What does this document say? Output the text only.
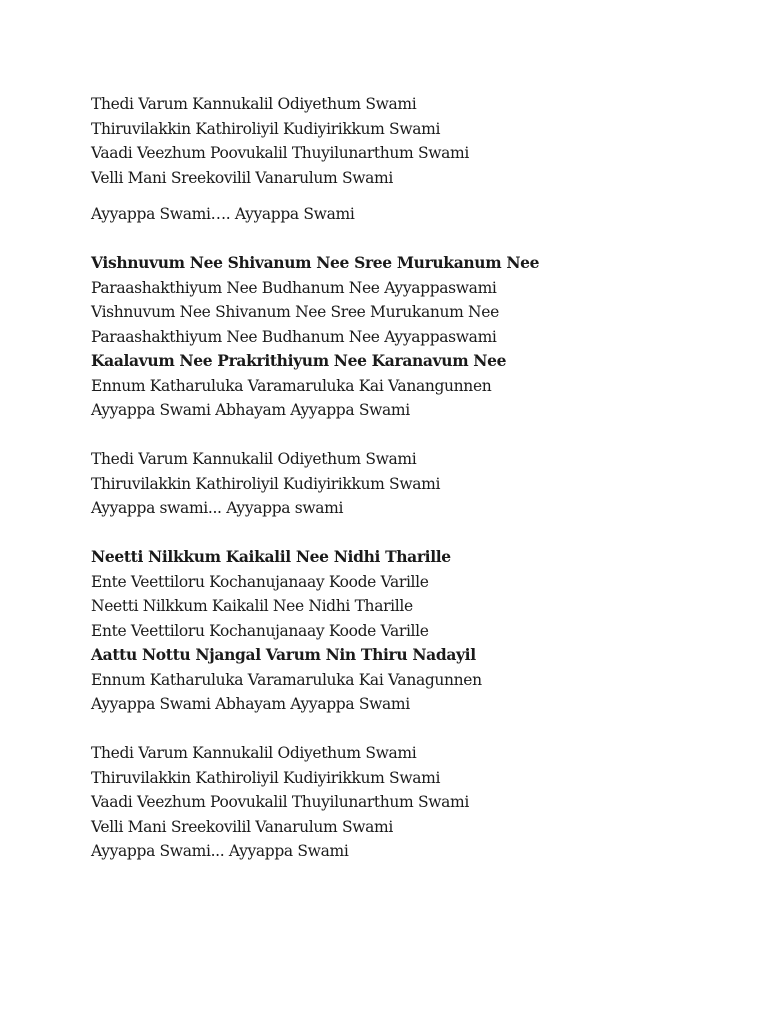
Thedi Varum Kannukalil Odiyethum Swami
Thiruvilakkin Kathiroliyil Kudiyirikkum Swami
Vaadi Veezhum Poovukalil Thuyilunarthum Swami
Velli Mani Sreekovilil Vanarulum Swami
Ayyappa Swami…. Ayyappa Swami
Vishnuvum Nee Shivanum Nee Sree Murukanum Nee
Paraashakthiyum Nee Budhanum Nee Ayyappaswami
Vishnuvum Nee Shivanum Nee Sree Murukanum Nee
Paraashakthiyum Nee Budhanum Nee Ayyappaswami
Kaalavum Nee Prakrithiyum Nee Karanavum Nee
Ennum Katharuluka Varamaruluka Kai Vanangunnen
Ayyappa Swami Abhayam Ayyappa Swami
Thedi Varum Kannukalil Odiyethum Swami
Thiruvilakkin Kathiroliyil Kudiyirikkum Swami
Ayyappa swami... Ayyappa swami
Neetti Nilkkum Kaikalil Nee Nidhi Tharille
Ente Veettiloru Kochanujanaay Koode Varille
Neetti Nilkkum Kaikalil Nee Nidhi Tharille
Ente Veettiloru Kochanujanaay Koode Varille
Aattu Nottu Njangal Varum Nin Thiru Nadayil
Ennum Katharuluka Varamaruluka Kai Vanagunnen
Ayyappa Swami Abhayam Ayyappa Swami
Thedi Varum Kannukalil Odiyethum Swami
Thiruvilakkin Kathiroliyil Kudiyirikkum Swami
Vaadi Veezhum Poovukalil Thuyilunarthum Swami
Velli Mani Sreekovilil Vanarulum Swami
Ayyappa Swami... Ayyappa Swami
